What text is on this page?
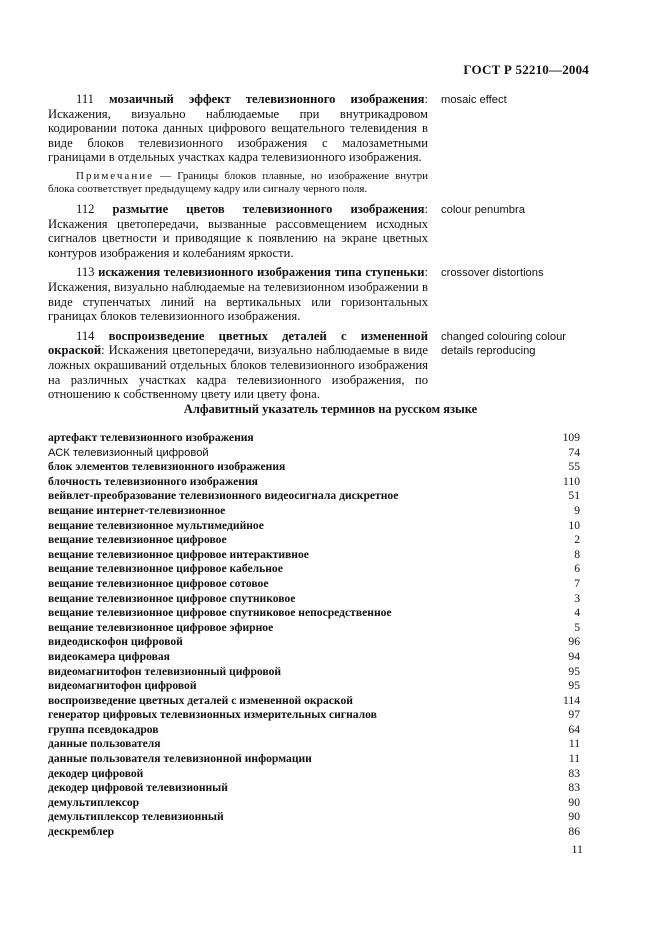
ГОСТ Р 52210—2004
111 мозаичный эффект телевизионного изображения: Искажения, визуально наблюдаемые при внутрикадровом кодировании потока данных цифрового вещательного телевидения в виде блоков телевизионного изображения с малозаметными границами в отдельных участках кадра телевизионного изображения.
mosaic effect
Примечание — Границы блоков плавные, но изображение внутри блока соответствует предыдущему кадру или сигналу черного поля.
112 размытие цветов телевизионного изображения: Искажения цветопередачи, вызванные рассовмещением исходных сигналов цветности и приводящие к появлению на экране цветных контуров изображения и колебаниям яркости.
colour penumbra
113 искажения телевизионного изображения типа ступеньки: Искажения, визуально наблюдаемые на телевизионном изображении в виде ступенчатых линий на вертикальных или горизонтальных границах блоков телевизионного изображения.
crossover distortions
114 воспроизведение цветных деталей с измененной окраской: Искажения цветопередачи, визуально наблюдаемые в виде ложных окрашиваний отдельных блоков телевизионного изображения на различных участках кадра телевизионного изображения, по отношению к собственному цвету или цвету фона.
changed colouring colour details reproducing
Алфавитный указатель терминов на русском языке
артефакт телевизионного изображения	109
АСК телевизионный цифровой	74
блок элементов телевизионного изображения	55
блочность телевизионного изображения	110
вейвлет-преобразование телевизионного видеосигнала дискретное	51
вещание интернет-телевизионное	9
вещание телевизионное мультимедийное	10
вещание телевизионное цифровое	2
вещание телевизионное цифровое интерактивное	8
вещание телевизионное цифровое кабельное	6
вещание телевизионное цифровое сотовое	7
вещание телевизионное цифровое спутниковое	3
вещание телевизионное цифровое спутниковое непосредственное	4
вещание телевизионное цифровое эфирное	5
видеодискофон цифровой	96
видеокамера цифровая	94
видеомагнитофон телевизионный цифровой	95
видеомагнитофон цифровой	95
воспроизведение цветных деталей с измененной окраской	114
генератор цифровых телевизионных измерительных сигналов	97
группа псевдокадров	64
данные пользователя	11
данные пользователя телевизионной информации	11
декодер цифровой	83
декодер цифровой телевизионный	83
демультиплексор	90
демультиплексор телевизионный	90
дескремблер	86
11
